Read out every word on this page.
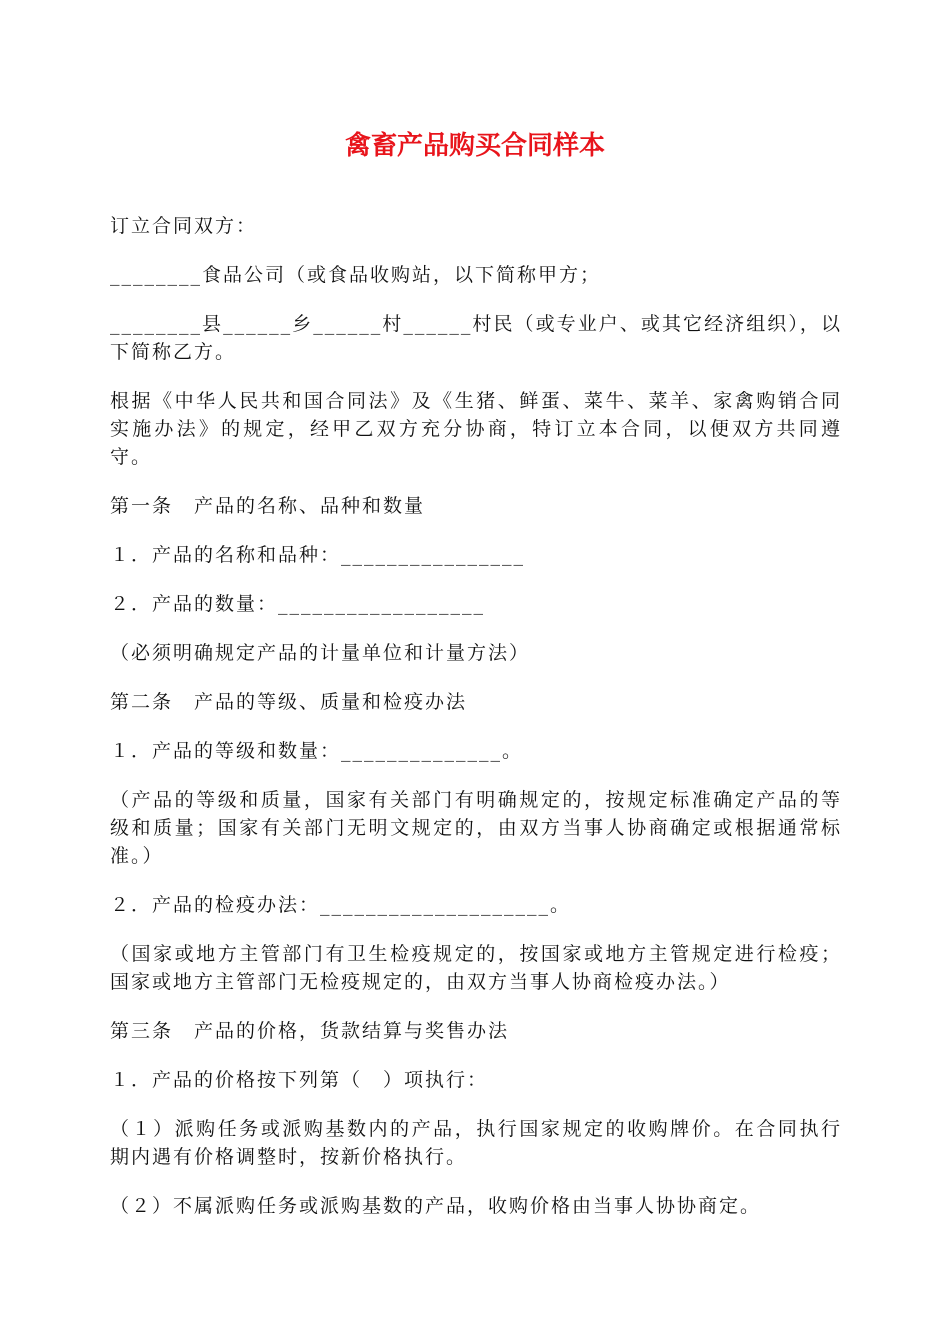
禽畜产品购买合同样本

订立合同双方：

________食品公司（或食品收购站，以下简称甲方；

________县______乡______村______村民（或专业户、或其它经济组织），以下简称乙方。

根据《中华人民共和国合同法》及《生猪、鲜蛋、菜牛、菜羊、家禽购销合同实施办法》的规定，经甲乙双方充分协商，特订立本合同，以便双方共同遵守。

第一条　产品的名称、品种和数量

１．产品的名称和品种：________________

２．产品的数量：__________________

（必须明确规定产品的计量单位和计量方法）

第二条　产品的等级、质量和检疫办法

１．产品的等级和数量：______________。

（产品的等级和质量，国家有关部门有明确规定的，按规定标准确定产品的等级和质量；国家有关部门无明文规定的，由双方当事人协商确定或根据通常标准。）

２．产品的检疫办法：____________________。

（国家或地方主管部门有卫生检疫规定的，按国家或地方主管规定进行检疫；国家或地方主管部门无检疫规定的，由双方当事人协商检疫办法。）

第三条　产品的价格，货款结算与奖售办法

１．产品的价格按下列第（　）项执行：

（１）派购任务或派购基数内的产品，执行国家规定的收购牌价。在合同执行期内遇有价格调整时，按新价格执行。

（２）不属派购任务或派购基数的产品，收购价格由当事人协协商定。
